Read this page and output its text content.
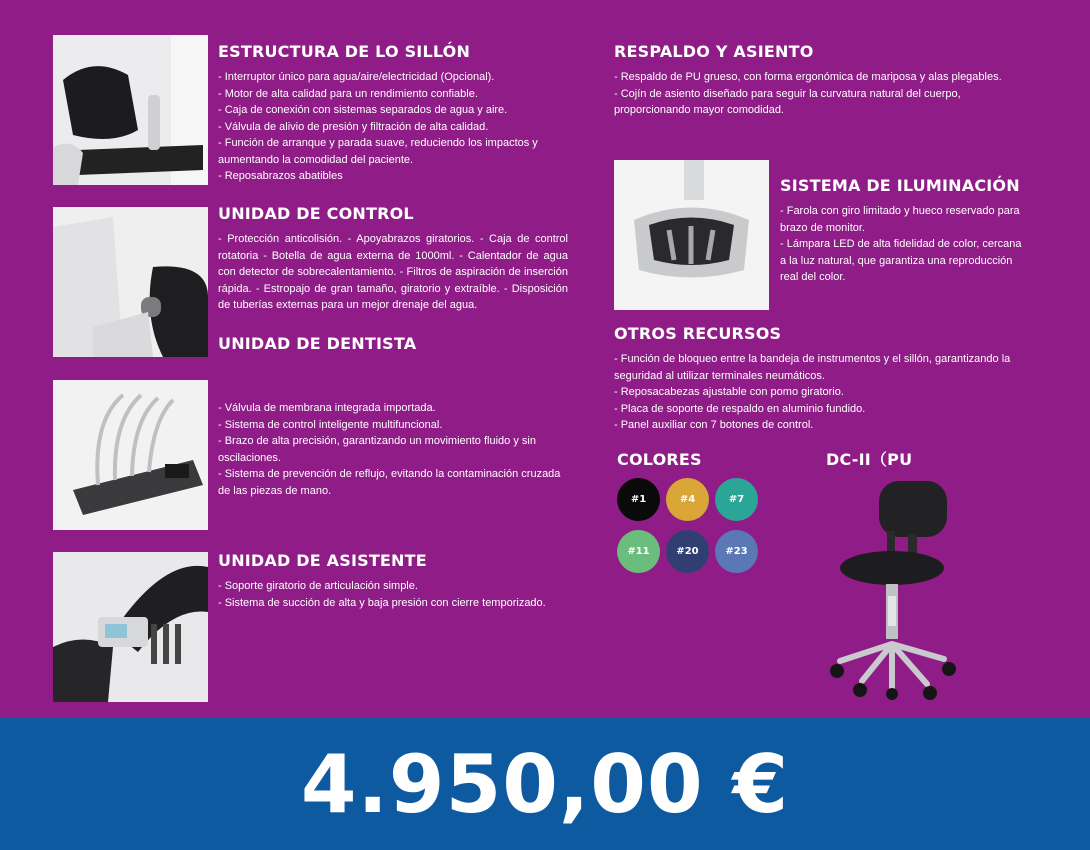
ESTRUCTURA DE LO SILLÓN

- Interruptor único para agua/aire/electricidad (Opcional).
- Motor de alta calidad para un rendimiento confiable.
- Caja de conexión con sistemas separados de agua y aire.
- Válvula de alivio de presión y filtración de alta calidad.
- Función de arranque y parada suave, reduciendo los impactos y aumentando la comodidad del paciente.
- Reposabrazos abatibles

UNIDAD DE CONTROL

- Protección anticolisión. - Apoyabrazos giratorios. - Caja de control rotatoria - Botella de agua externa de 1000ml. - Calentador de agua con detector de sobrecalentamiento. - Filtros de aspiración de inserción rápida. - Estropajo de gran tamaño, giratorio y extraíble. - Disposición de tuberías externas para un mejor drenaje del agua.

UNIDAD DE DENTISTA

- Válvula de membrana integrada importada.
- Sistema de control inteligente multifuncional.
- Brazo de alta precisión, garantizando un movimiento fluido y sin oscilaciones.
- Sistema de prevención de reflujo, evitando la contaminación cruzada de las piezas de mano.

UNIDAD DE ASISTENTE

- Soporte giratorio de articulación simple.
- Sistema de succión de alta y baja presión con cierre temporizado.

RESPALDO Y ASIENTO

- Respaldo de PU grueso, con forma ergonómica de mariposa y alas plegables.
- Cojín de asiento diseñado para seguir la curvatura natural del cuerpo, proporcionando mayor comodidad.

SISTEMA DE ILUMINACIÓN

- Farola con giro limitado y hueco reservado para brazo de monitor.
- Lámpara LED de alta fidelidad de color, cercana a la luz natural, que garantiza una reproducción real del color.

OTROS RECURSOS

- Función de bloqueo entre la bandeja de instrumentos y el sillón, garantizando la seguridad al utilizar terminales neumáticos.
- Reposacabezas ajustable con pomo giratorio.
- Placa de soporte de respaldo en aluminio fundido.
- Panel auxiliar con 7 botones de control.

COLORES
#1	#4	#7
#11	#20	#23
DC-II（PU
4.950,00 €
